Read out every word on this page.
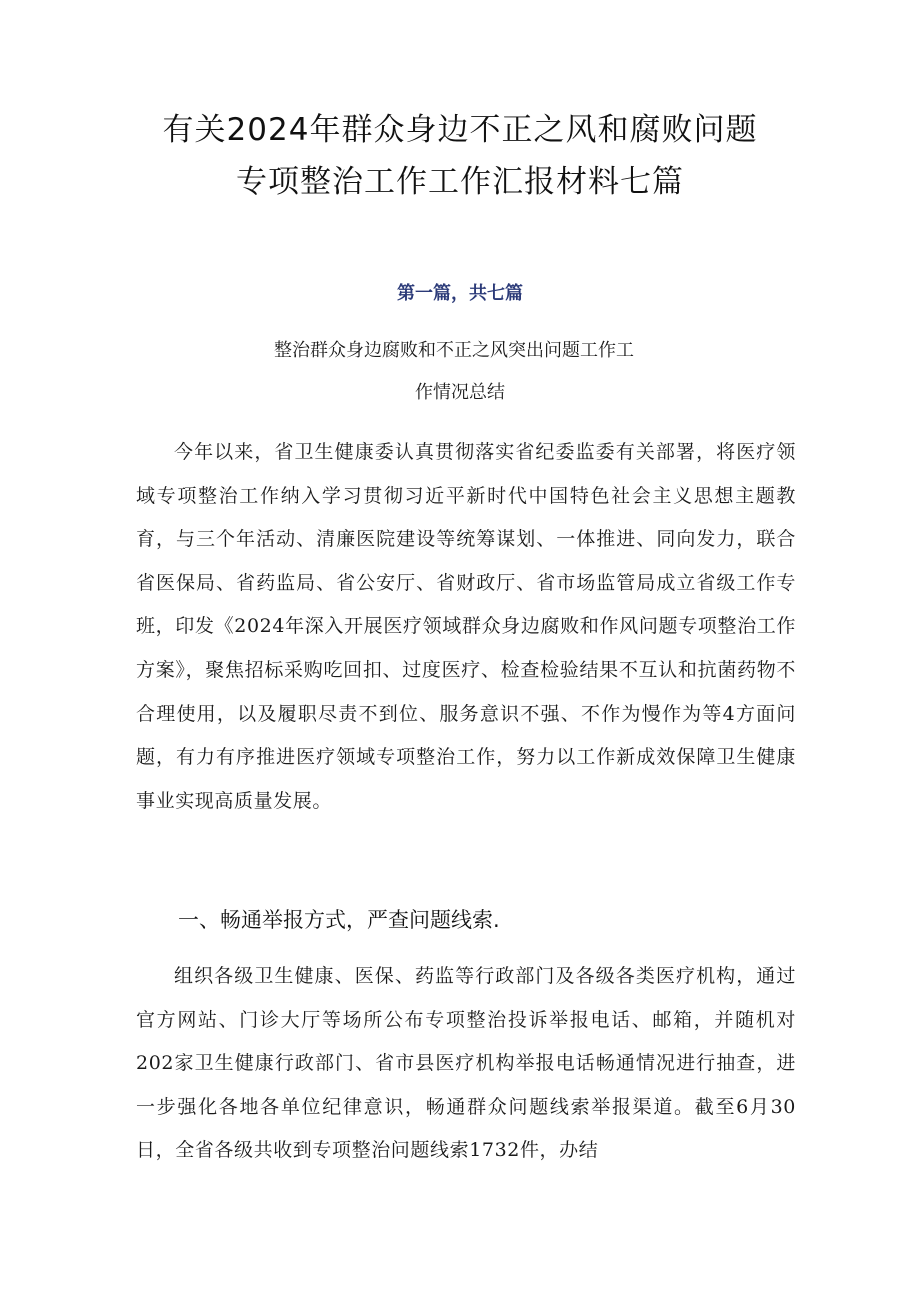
有关2024年群众身边不正之风和腐败问题
专项整治工作工作汇报材料七篇
第一篇，共七篇
整治群众身边腐败和不正之风突出问题工作工
作情况总结

今年以来，省卫生健康委认真贯彻落实省纪委监委有关部署，将医疗领域专项整治工作纳入学习贯彻习近平新时代中国特色社会主义思想主题教育，与三个年活动、清廉医院建设等统筹谋划、一体推进、同向发力，联合省医保局、省药监局、省公安厅、省财政厅、省市场监管局成立省级工作专班，印发《2024年深入开展医疗领域群众身边腐败和作风问题专项整治工作方案》，聚焦招标采购吃回扣、过度医疗、检查检验结果不互认和抗菌药物不合理使用，以及履职尽责不到位、服务意识不强、不作为慢作为等4方面问题，有力有序推进医疗领域专项整治工作，努力以工作新成效保障卫生健康事业实现高质量发展。

一、畅通举报方式，严查问题线索.

组织各级卫生健康、医保、药监等行政部门及各级各类医疗机构，通过官方网站、门诊大厅等场所公布专项整治投诉举报电话、邮箱，并随机对202家卫生健康行政部门、省市县医疗机构举报电话畅通情况进行抽查，进一步强化各地各单位纪律意识，畅通群众问题线索举报渠道。截至6月30日，全省各级共收到专项整治问题线索1732件，办结
